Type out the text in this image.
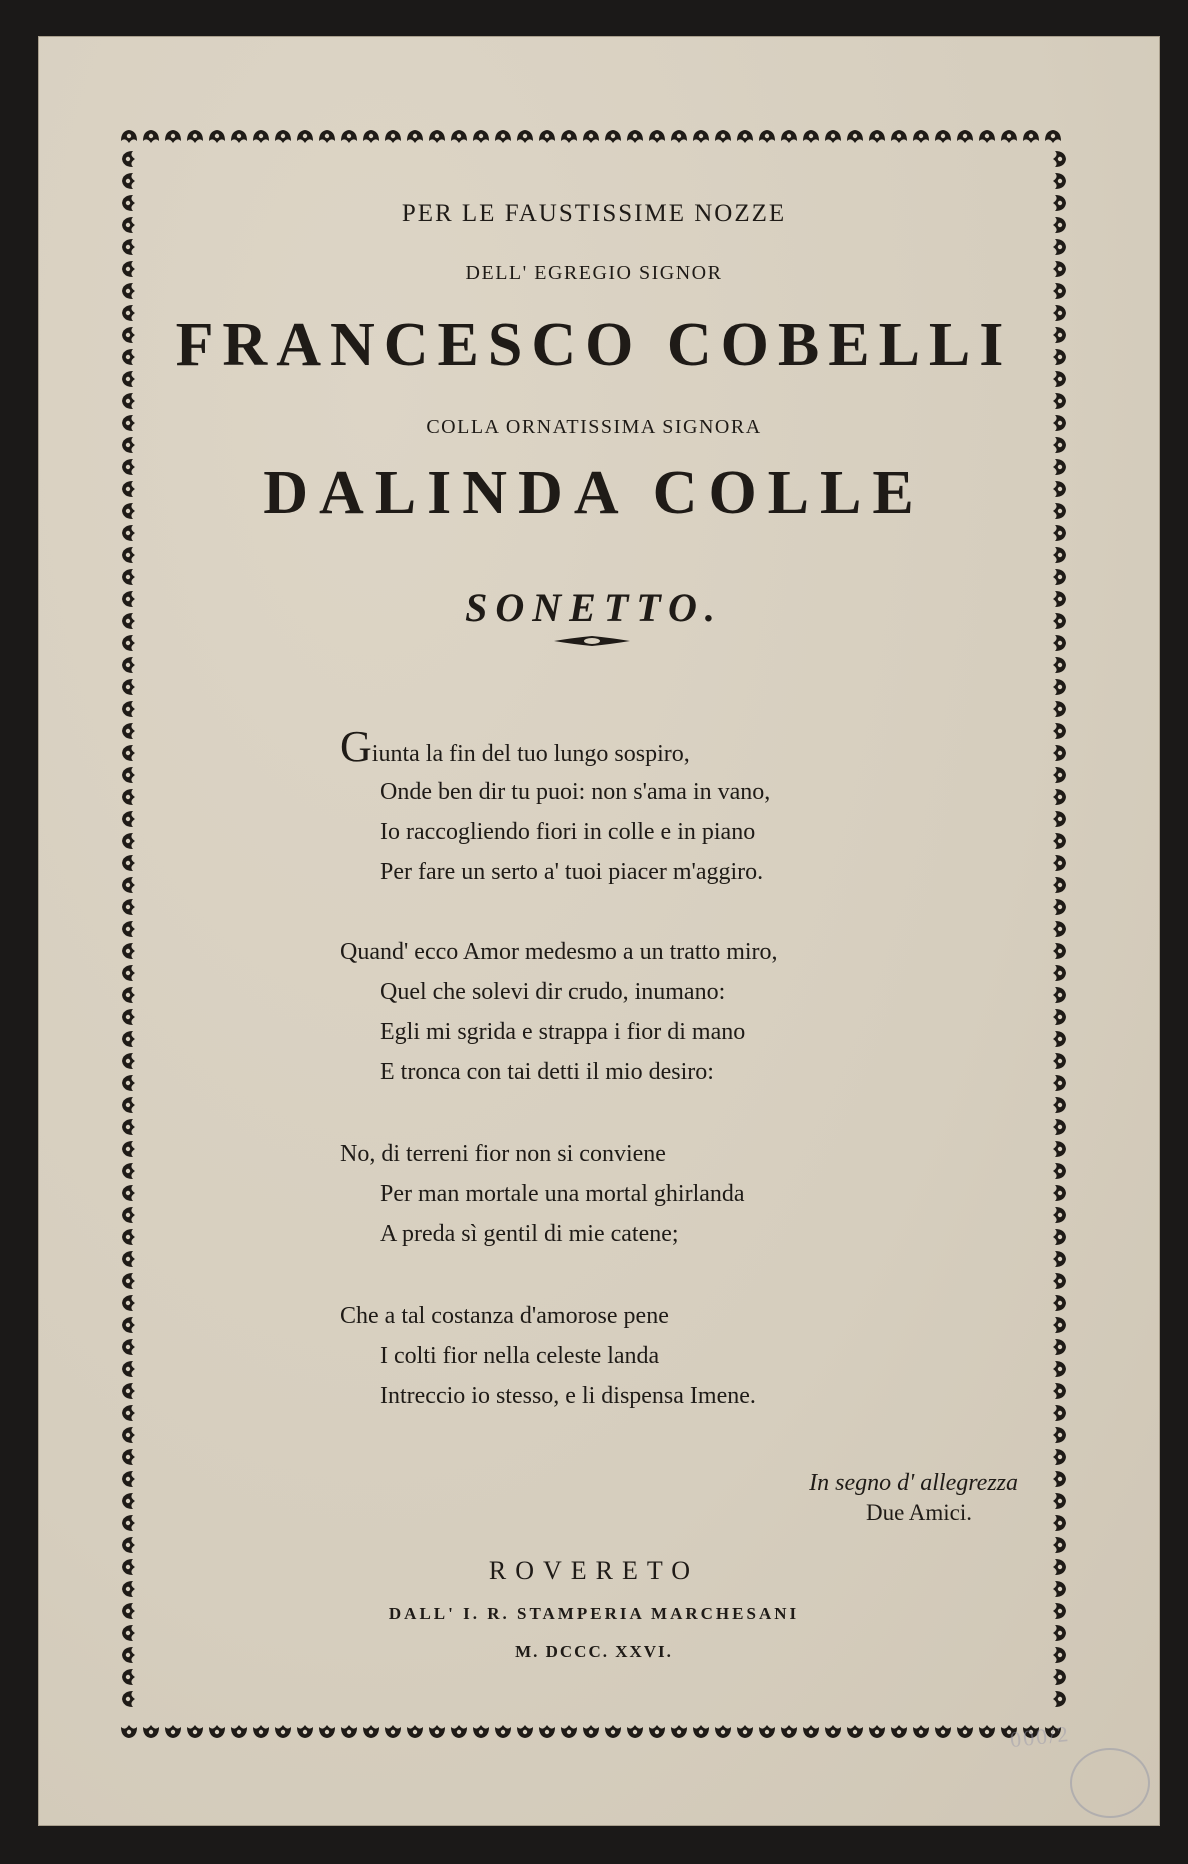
PER LE FAUSTISSIME NOZZE
DELL' EGREGIO SIGNOR
FRANCESCO COBELLI
COLLA ORNATISSIMA SIGNORA
DALINDA COLLE
SONETTO.
Giunta la fin del tuo lungo sospiro,
Onde ben dir tu puoi: non s'ama in vano,
Io raccogliendo fiori in colle e in piano
Per fare un serto a' tuoi piacer m'aggiro.
Quand' ecco Amor medesmo a un tratto miro,
Quel che solevi dir crudo, inumano:
Egli mi sgrida e strappa i fior di mano
E tronca con tai detti il mio desiro:
No, di terreni fior non si conviene
Per man mortale una mortal ghirlanda
A preda sì gentil di mie catene;
Che a tal costanza d'amorose pene
I colti fior nella celeste landa
Intreccio io stesso, e li dispensa Imene.
In segno d' allegrezza
Due Amici.
ROVERETO
DALL' I. R. STAMPERIA MARCHESANI
M. DCCC. XXVI.
000/2
